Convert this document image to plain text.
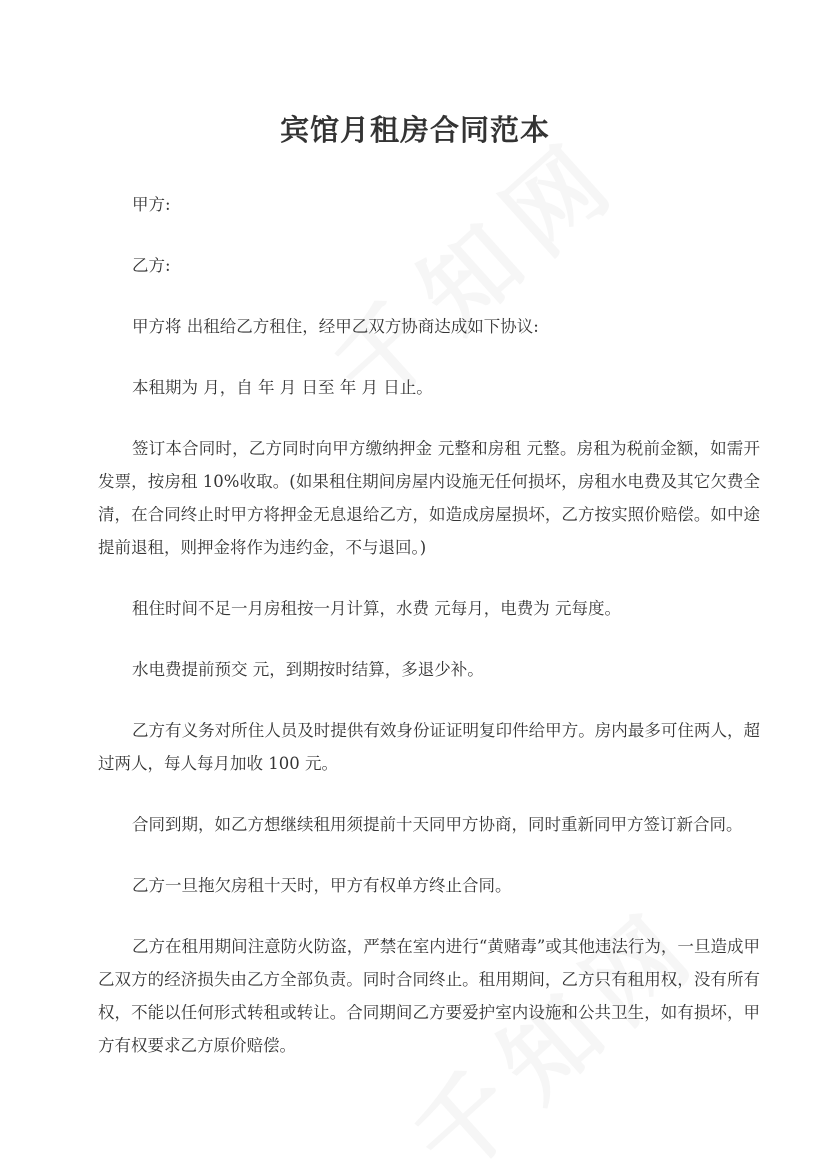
宾馆月租房合同范本

甲方:

乙方:

甲方将 出租给乙方租住，经甲乙双方协商达成如下协议:

本租期为 月，自 年 月 日至 年 月 日止。

签订本合同时，乙方同时向甲方缴纳押金 元整和房租 元整。房租为税前金额，如需开发票，按房租 10%收取。(如果租住期间房屋内设施无任何损坏，房租水电费及其它欠费全清，在合同终止时甲方将押金无息退给乙方，如造成房屋损坏，乙方按实照价赔偿。如中途提前退租，则押金将作为违约金，不与退回。)

租住时间不足一月房租按一月计算，水费 元每月，电费为 元每度。

水电费提前预交 元，到期按时结算，多退少补。

乙方有义务对所住人员及时提供有效身份证证明复印件给甲方。房内最多可住两人，超过两人，每人每月加收 100 元。

合同到期，如乙方想继续租用须提前十天同甲方协商，同时重新同甲方签订新合同。

乙方一旦拖欠房租十天时，甲方有权单方终止合同。

乙方在租用期间注意防火防盗，严禁在室内进行“黄赌毒”或其他违法行为，一旦造成甲乙双方的经济损失由乙方全部负责。同时合同终止。租用期间，乙方只有租用权，没有所有权，不能以任何形式转租或转让。合同期间乙方要爱护室内设施和公共卫生，如有损坏，甲方有权要求乙方原价赔偿。
